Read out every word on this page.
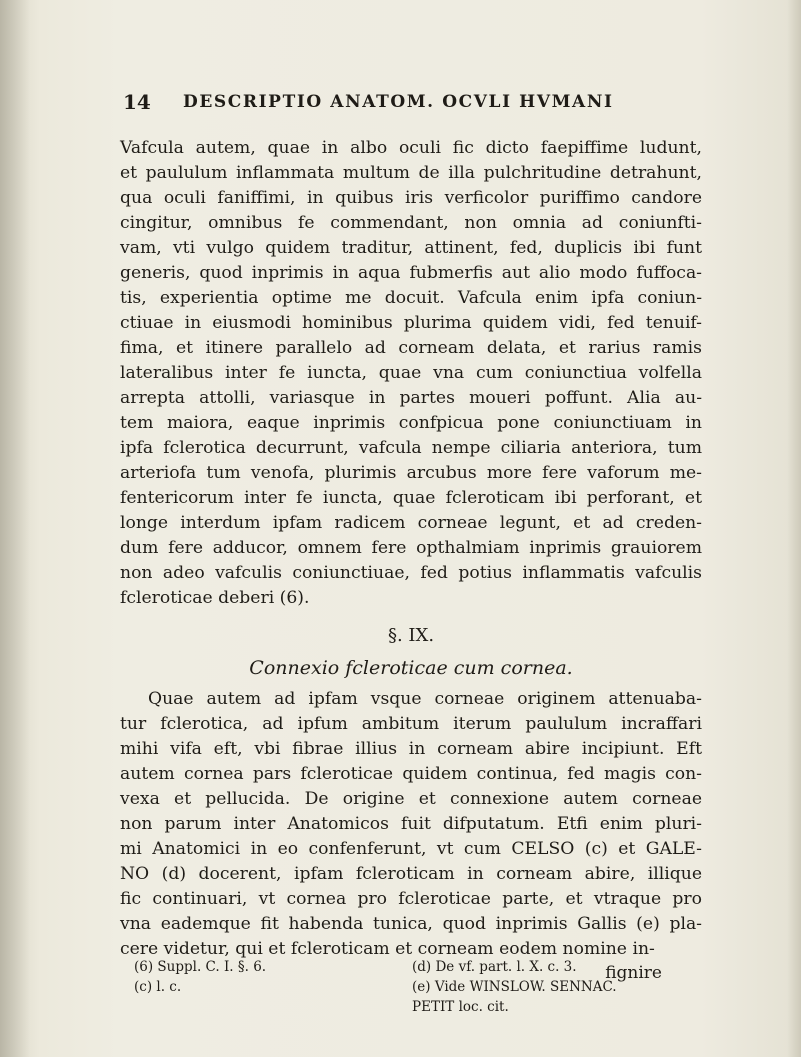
14 DESCRIPTIO ANATOM. OCVLI HVMANI

Vafcula autem, quae in albo oculi fic dicto faepiffime ludunt,
et paululum inflammata multum de illa pulchritudine detrahunt,
qua oculi faniffimi, in quibus iris verficolor puriffimo candore
cingitur, omnibus fe commendant, non omnia ad coniunfti-
vam, vti vulgo quidem traditur, attinent, fed, duplicis ibi funt
generis, quod inprimis in aqua fubmerfis aut alio modo fuffoca-
tis, experientia optime me docuit. Vafcula enim ipfa coniun-
ctiuae in eiusmodi hominibus plurima quidem vidi, fed tenuif-
fima, et itinere parallelo ad corneam delata, et rarius ramis
lateralibus inter fe iuncta, quae vna cum coniunctiua volfella
arrepta attolli, variasque in partes moueri poffunt. Alia au-
tem maiora, eaque inprimis confpicua pone coniunctiuam in
ipfa fclerotica decurrunt, vafcula nempe ciliaria anteriora, tum
arteriofa tum venofa, plurimis arcubus more fere vaforum me-
fentericorum inter fe iuncta, quae fcleroticam ibi perforant, et
longe interdum ipfam radicem corneae legunt, et ad creden-
dum fere adducor, omnem fere opthalmiam inprimis grauiorem
non adeo vafculis coniunctiuae, fed potius inflammatis vafculis
fcleroticae deberi (6).

§. IX.
Connexio fcleroticae cum cornea.

Quae autem ad ipfam vsque corneae originem attenuaba-
tur fclerotica, ad ipfum ambitum iterum paululum incraffari
mihi vifa eft, vbi fibrae illius in corneam abire incipiunt. Eft
autem cornea pars fcleroticae quidem continua, fed magis con-
vexa et pellucida. De origine et connexione autem corneae
non parum inter Anatomicos fuit difputatum. Etfi enim pluri-
mi Anatomici in eo confenferunt, vt cum CELSO (c) et GALE-
NO (d) docerent, ipfam fcleroticam in corneam abire, illique
fic continuari, vt cornea pro fcleroticae parte, et vtraque pro
vna eademque fit habenda tunica, quod inprimis Gallis (e) pla-
cere videtur, qui et fcleroticam et corneam eodem nomine in-

fignire
(6) Suppl. C. I. §. 6.
(c) l. c.
(d) De vf. part. l. X. c. 3.
(e) Vide WINSLOW. SENNAC.
PETIT loc. cit.
